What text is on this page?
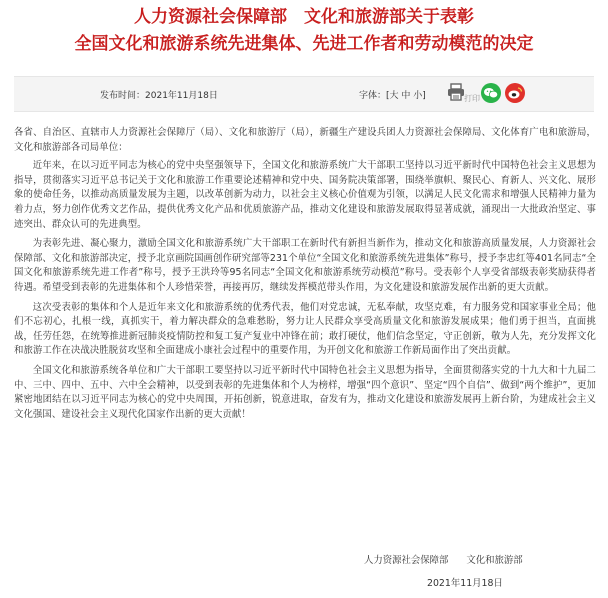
人力资源社会保障部　文化和旅游部关于表彰
全国文化和旅游系统先进集体、先进工作者和劳动模范的决定
发布时间：2021年11月18日	字体：[大 中 小]	打印

各省、自治区、直辖市人力资源社会保障厅（局）、文化和旅游厅（局），新疆生产建设兵团人力资源社会保障局、文化体育广电和旅游局，文化和旅游部各司局单位：

近年来，在以习近平同志为核心的党中央坚强领导下，全国文化和旅游系统广大干部职工坚持以习近平新时代中国特色社会主义思想为指导，贯彻落实习近平总书记关于文化和旅游工作重要论述精神和党中央、国务院决策部署，围绕举旗帜、聚民心、育新人、兴文化、展形象的使命任务，以推动高质量发展为主题，以改革创新为动力，以社会主义核心价值观为引领，以满足人民文化需求和增强人民精神力量为着力点，努力创作优秀文艺作品，提供优秀文化产品和优质旅游产品，推动文化建设和旅游发展取得显著成就，涌现出一大批政治坚定、事迹突出、群众认可的先进典型。

为表彰先进、凝心聚力，激励全国文化和旅游系统广大干部职工在新时代有新担当新作为，推动文化和旅游高质量发展，人力资源社会保障部、文化和旅游部决定，授予北京画院国画创作研究部等231个单位“全国文化和旅游系统先进集体”称号，授予李忠红等401名同志“全国文化和旅游系统先进工作者”称号，授予王洪玲等95名同志“全国文化和旅游系统劳动模范”称号。受表彰个人享受省部级表彰奖励获得者待遇。希望受到表彰的先进集体和个人珍惜荣誉，再接再厉，继续发挥模范带头作用，为文化建设和旅游发展作出新的更大贡献。

这次受表彰的集体和个人是近年来文化和旅游系统的优秀代表，他们对党忠诚，无私奉献，攻坚克难，有力服务党和国家事业全局；他们不忘初心，扎根一线，真抓实干，着力解决群众的急难愁盼，努力让人民群众享受高质量文化和旅游发展成果；他们勇于担当，直面挑战，任劳任怨，在统筹推进新冠肺炎疫情防控和复工复产复业中冲锋在前；敢打硬仗，他们信念坚定，守正创新，敬为人先，充分发挥文化和旅游工作在决战决胜脱贫攻坚和全面建成小康社会过程中的重要作用，为开创文化和旅游工作新局面作出了突出贡献。

全国文化和旅游系统各单位和广大干部职工要坚持以习近平新时代中国特色社会主义思想为指导，全面贯彻落实党的十九大和十九届二中、三中、四中、五中、六中全会精神，以受到表彰的先进集体和个人为榜样，增强“四个意识”、坚定“四个自信”、做到“两个维护”，更加紧密地团结在以习近平同志为核心的党中央周围，开拓创新，锐意进取，奋发有为，推动文化建设和旅游发展再上新台阶，为建成社会主义文化强国、建设社会主义现代化国家作出新的更大贡献！

人力资源社会保障部 文化和旅游部
2021年11月18日
